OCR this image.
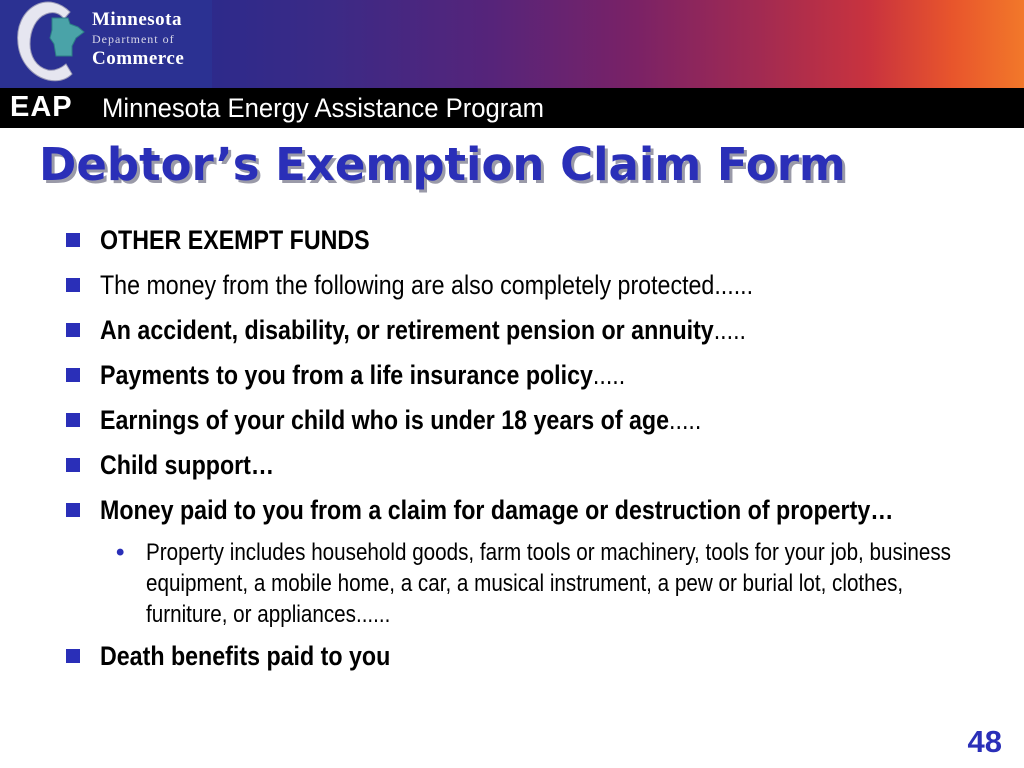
Minnesota
Department of
Commerce
EAP Minnesota Energy Assistance Program
Debtor’s Exemption Claim Form
OTHER EXEMPT FUNDS
The money from the following are also completely protected......
An accident, disability, or retirement pension or annuity.....
Payments to you from a life insurance policy.....
Earnings of your child who is under 18 years of age.....
Child support…
Money paid to you from a claim for damage or destruction of property…
• Property includes household goods, farm tools or machinery, tools for your job, business equipment, a mobile home, a car, a musical instrument, a pew or burial lot, clothes, furniture, or appliances......
Death benefits paid to you
48
